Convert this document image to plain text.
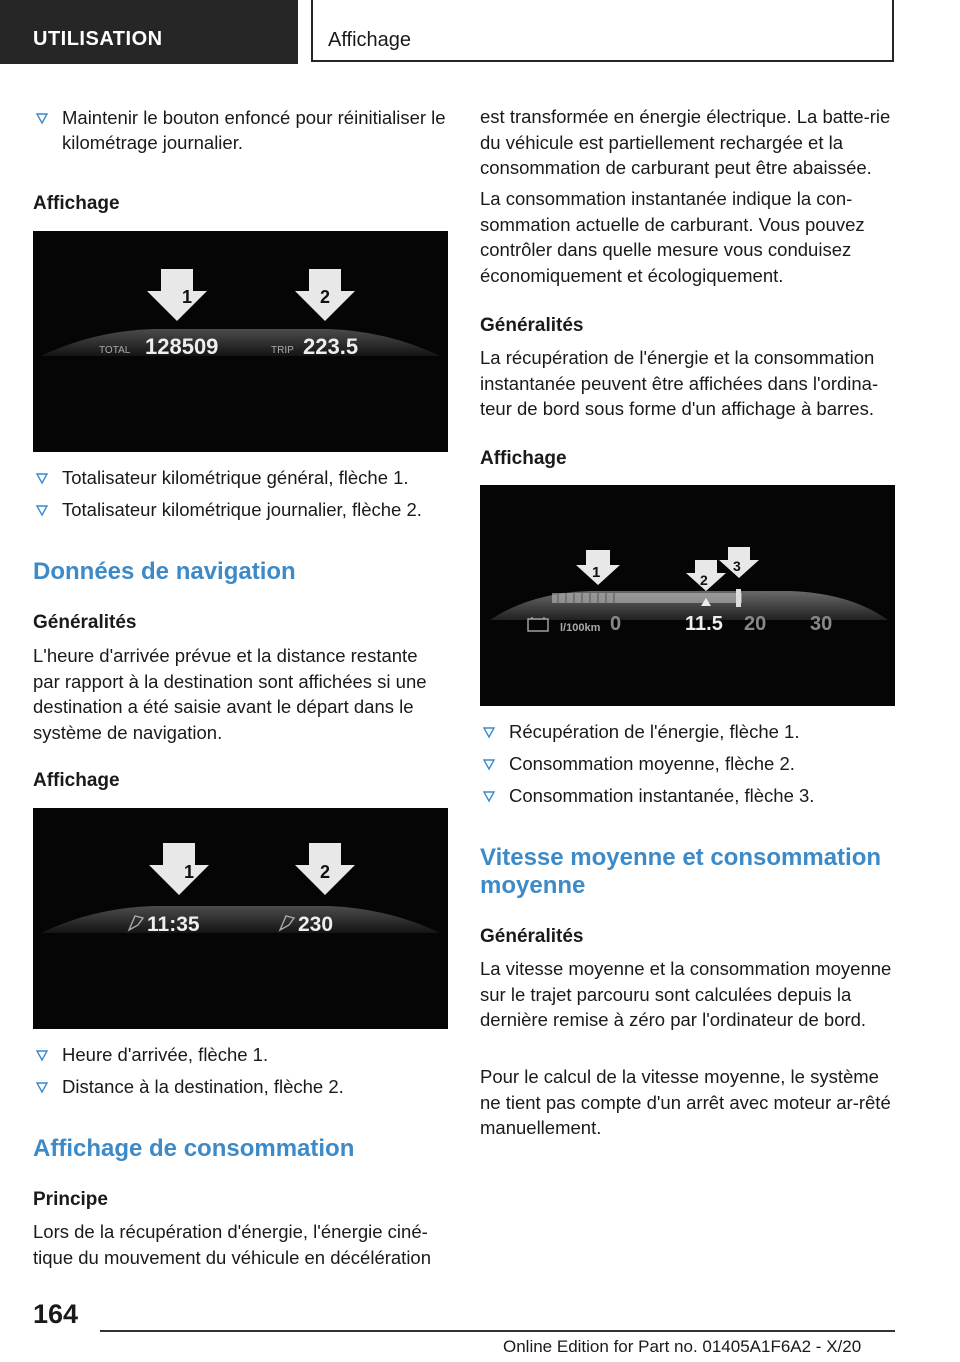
UTILISATION	Affichage
Maintenir le bouton enfoncé pour réinitialiser le kilométrage journalier.
Affichage
1	2
TOTAL 128509	TRIP 223.5
Totalisateur kilométrique général, flèche 1.
Totalisateur kilométrique journalier, flèche 2.
Données de navigation
Généralités
L'heure d'arrivée prévue et la distance restante par rapport à la destination sont affichées si une destination a été saisie avant le départ dans le système de navigation.
Affichage
1	2
11:35	230
Heure d'arrivée, flèche 1.
Distance à la destination, flèche 2.
Affichage de consommation
Principe
Lors de la récupération d'énergie, l'énergie ciné-tique du mouvement du véhicule en décélération
est transformée en énergie électrique. La batte-rie du véhicule est partiellement rechargée et la consommation de carburant peut être abaissée.
La consommation instantanée indique la con-sommation actuelle de carburant. Vous pouvez contrôler dans quelle mesure vous conduisez économiquement et écologiquement.
Généralités
La récupération de l'énergie et la consommation instantanée peuvent être affichées dans l'ordina-teur de bord sous forme d'un affichage à barres.
Affichage
1	2
3
l/100km 0	11.5 20 30
Récupération de l'énergie, flèche 1.
Consommation moyenne, flèche 2.
Consommation instantanée, flèche 3.
Vitesse moyenne et consommation moyenne
Généralités
La vitesse moyenne et la consommation moyenne sur le trajet parcouru sont calculées depuis la dernière remise à zéro par l'ordinateur de bord.
Pour le calcul de la vitesse moyenne, le système ne tient pas compte d'un arrêt avec moteur ar-rêté manuellement.
164
Online Edition for Part no. 01405A1F6A2 - X/20
